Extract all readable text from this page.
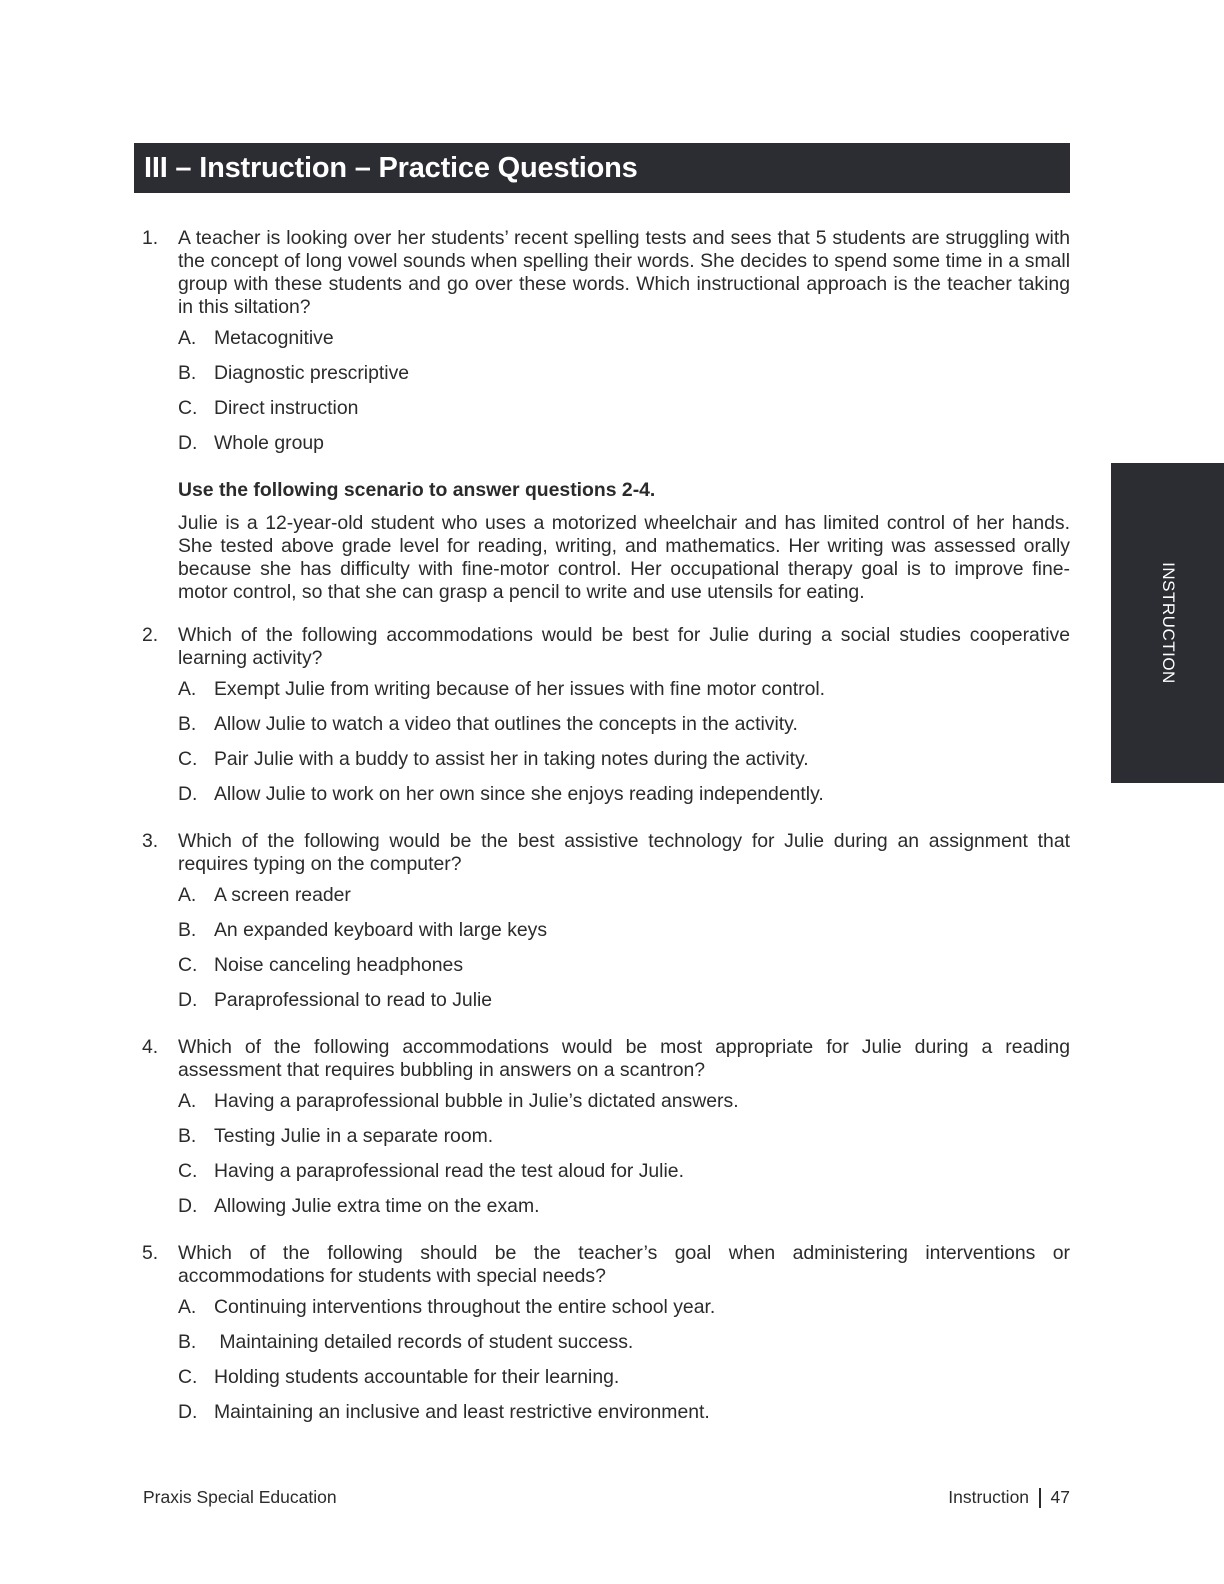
III – Instruction – Practice Questions
INSTRUCTION
1.	A teacher is looking over her students’ recent spelling tests and sees that 5 students are struggling with the concept of long vowel sounds when spelling their words. She decides to spend some time in a small group with these students and go over these words. Which instructional approach is the teacher taking in this siltation?

A. Metacognitive
B. Diagnostic prescriptive
C. Direct instruction
D. Whole group

Use the following scenario to answer questions 2-4.

Julie is a 12-year-old student who uses a motorized wheelchair and has limited control of her hands. She tested above grade level for reading, writing, and mathematics. Her writing was assessed orally because she has difficulty with fine-motor control. Her occupational therapy goal is to improve fine-motor control, so that she can grasp a pencil to write and use utensils for eating.

2.	Which of the following accommodations would be best for Julie during a social studies cooperative learning activity?

A. Exempt Julie from writing because of her issues with fine motor control.
B. Allow Julie to watch a video that outlines the concepts in the activity.
C. Pair Julie with a buddy to assist her in taking notes during the activity.
D. Allow Julie to work on her own since she enjoys reading independently.
3.	Which of the following would be the best assistive technology for Julie during an assignment that requires typing on the computer?

A. A screen reader
B. An expanded keyboard with large keys
C. Noise canceling headphones
D. Paraprofessional to read to Julie
4.	Which of the following accommodations would be most appropriate for Julie during a reading assessment that requires bubbling in answers on a scantron?

A. Having a paraprofessional bubble in Julie’s dictated answers.
B. Testing Julie in a separate room.
C. Having a paraprofessional read the test aloud for Julie.
D. Allowing Julie extra time on the exam.
5.	Which of the following should be the teacher’s goal when administering interventions or accommodations for students with special needs?

A. Continuing interventions throughout the entire school year.
B. Maintaining detailed records of student success.
C. Holding students accountable for their learning.
D. Maintaining an inclusive and least restrictive environment.
Praxis Special Education	Instruction 47
